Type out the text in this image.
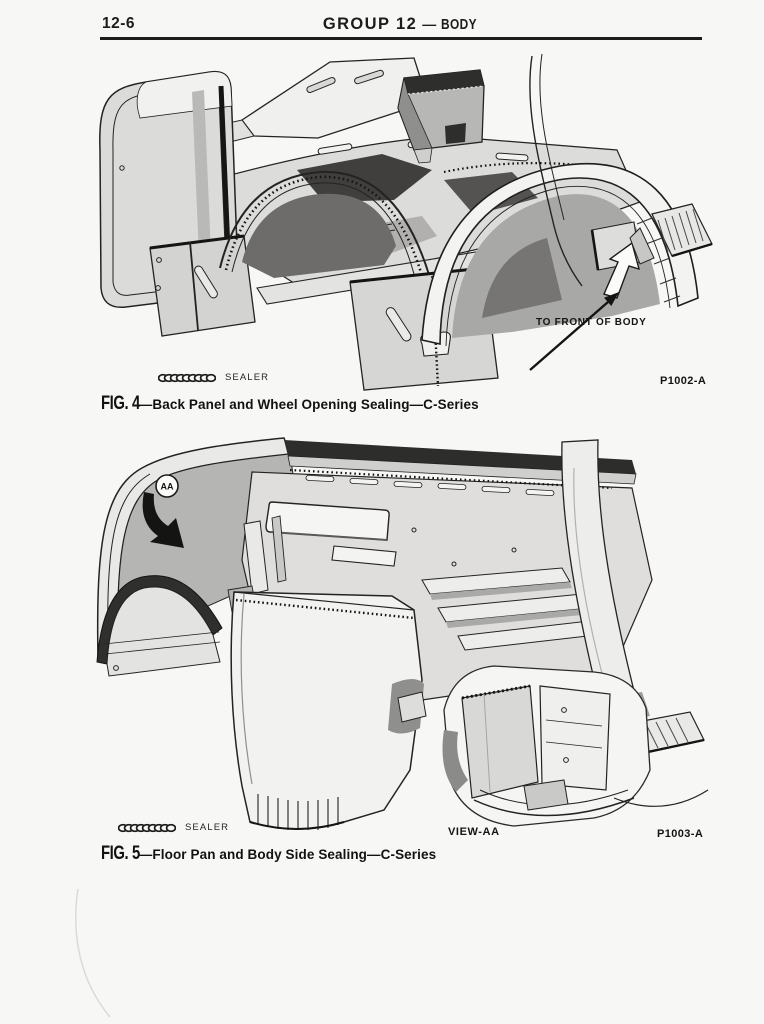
12-6	GROUP 12 — BODY
SEALER
TO FRONT OF BODY
P1002-A
FIG. 4—Back Panel and Wheel Opening Sealing—C-Series
AA
SEALER	VIEW-AA	P1003-A
FIG. 5—Floor Pan and Body Side Sealing—C-Series
